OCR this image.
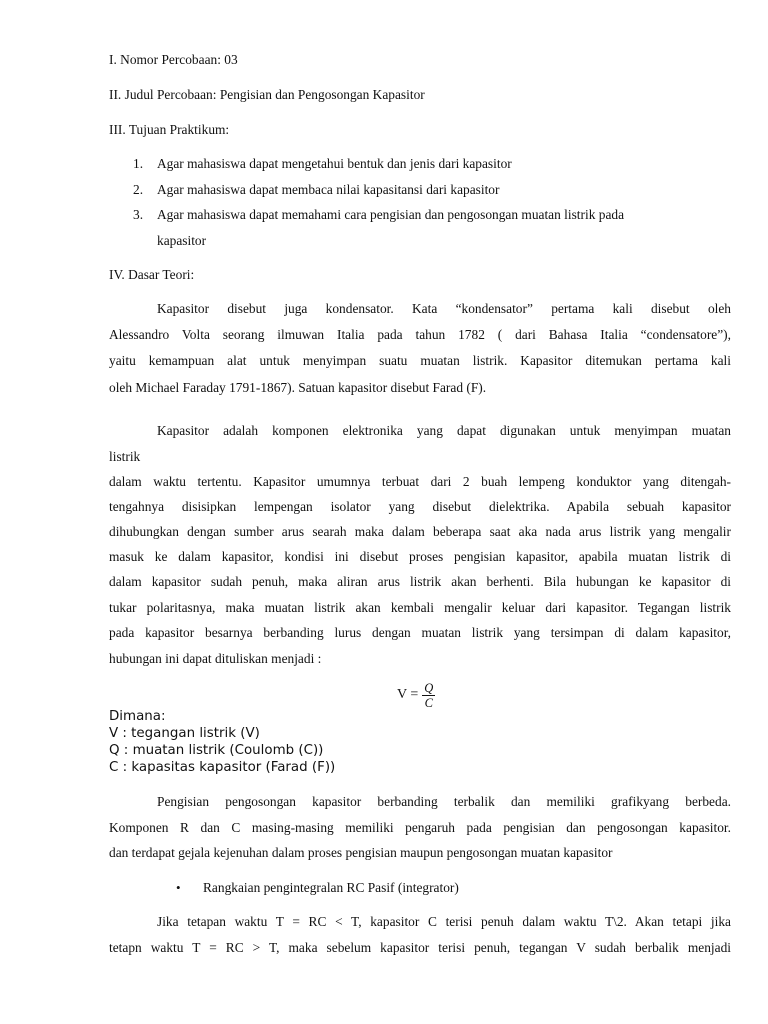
I. Nomor Percobaan: 03
II. Judul Percobaan: Pengisian dan Pengosongan Kapasitor
III. Tujuan Praktikum:
1. Agar mahasiswa dapat mengetahui bentuk dan jenis dari kapasitor
2. Agar mahasiswa dapat membaca nilai kapasitansi dari kapasitor
3. Agar mahasiswa dapat memahami cara pengisian dan pengosongan muatan listrik pada
kapasitor
IV. Dasar Teori:
Kapasitor disebut juga kondensator. Kata “kondensator” pertama kali disebut oleh
Alessandro Volta seorang ilmuwan Italia pada tahun 1782 ( dari Bahasa Italia “condensatore”),
yaitu kemampuan alat untuk menyimpan suatu muatan listrik. Kapasitor ditemukan pertama kali
oleh Michael Faraday 1791-1867). Satuan kapasitor disebut Farad (F).
Kapasitor adalah komponen elektronika yang dapat digunakan untuk menyimpan muatan
listrik
dalam waktu tertentu. Kapasitor umumnya terbuat dari 2 buah lempeng konduktor yang ditengah-
tengahnya disisipkan lempengan isolator yang disebut dielektrika. Apabila sebuah kapasitor
dihubungkan dengan sumber arus searah maka dalam beberapa saat aka nada arus listrik yang mengalir
masuk ke dalam kapasitor, kondisi ini disebut proses pengisian kapasitor, apabila muatan listrik di
dalam kapasitor sudah penuh, maka aliran arus listrik akan berhenti. Bila hubungan ke kapasitor di
tukar polaritasnya, maka muatan listrik akan kembali mengalir keluar dari kapasitor. Tegangan listrik
pada kapasitor besarnya berbanding lurus dengan muatan listrik yang tersimpan di dalam kapasitor,
hubungan ini dapat dituliskan menjadi :
$V = \frac{Q}{C}$
Dimana:
V : tegangan listrik (V)
Q : muatan listrik (Coulomb (C))
C : kapasitas kapasitor (Farad (F))
Pengisian pengosongan kapasitor berbanding terbalik dan memiliki grafikyang berbeda.
Komponen R dan C masing-masing memiliki pengaruh pada pengisian dan pengosongan kapasitor.
dan terdapat gejala kejenuhan dalam proses pengisian maupun pengosongan muatan kapasitor
• Rangkaian pengintegralan RC Pasif (integrator)
Jika tetapan waktu T = RC < T, kapasitor C terisi penuh dalam waktu T\2. Akan tetapi jika
tetapn waktu T = RC > T, maka sebelum kapasitor terisi penuh, tegangan V sudah berbalik menjadi
